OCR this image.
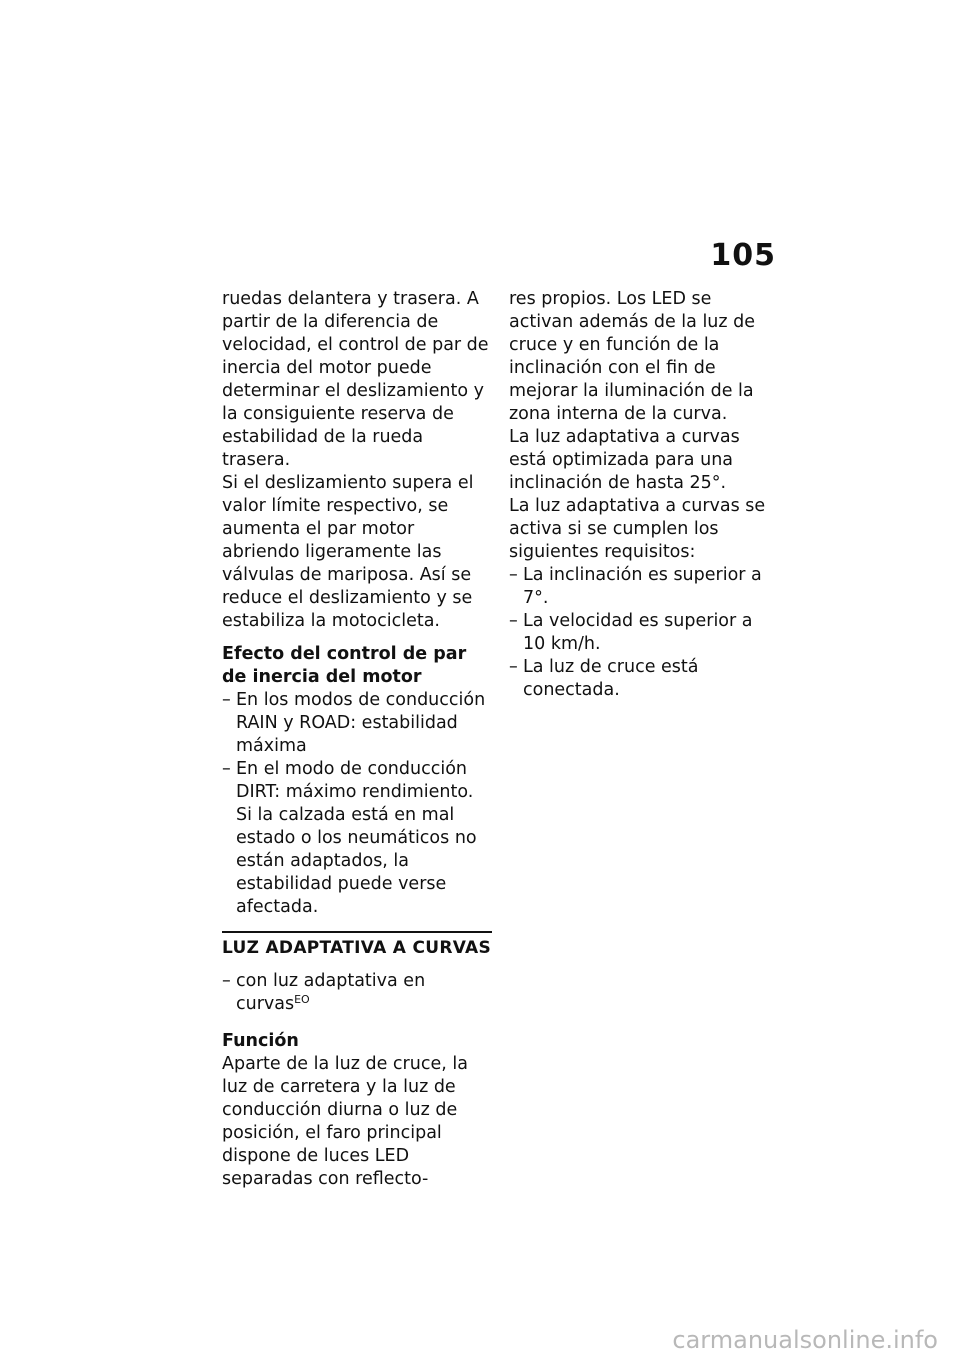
105

ruedas delantera y trasera. A partir de la diferencia de velocidad, el control de par de inercia del motor puede determinar el deslizamiento y la consiguiente reserva de estabilidad de la rueda trasera.

Si el deslizamiento supera el valor límite respectivo, se aumenta el par motor abriendo ligeramente las válvulas de mariposa. Así se reduce el deslizamiento y se estabiliza la motocicleta.

Efecto del control de par de inercia del motor

– En los modos de conducción RAIN y ROAD: estabilidad máxima

– En el modo de conducción DIRT: máximo rendimiento. Si la calzada está en mal estado o los neumáticos no están adaptados, la estabilidad puede verse afectada.

LUZ ADAPTATIVA A CURVAS

– con luz adaptativa en curvas$^{EO}$

Función

Aparte de la luz de cruce, la luz de carretera y la luz de conducción diurna o luz de posición, el faro principal dispone de luces LED separadas con reflecto-

res propios. Los LED se activan además de la luz de cruce y en función de la inclinación con el fin de mejorar la iluminación de la zona interna de la curva.

La luz adaptativa a curvas está optimizada para una inclinación de hasta 25°.

La luz adaptativa a curvas se activa si se cumplen los siguientes requisitos:

– La inclinación es superior a 7°.

– La velocidad es superior a 10 km/h.

– La luz de cruce está conectada.

carmanualsonline.info
